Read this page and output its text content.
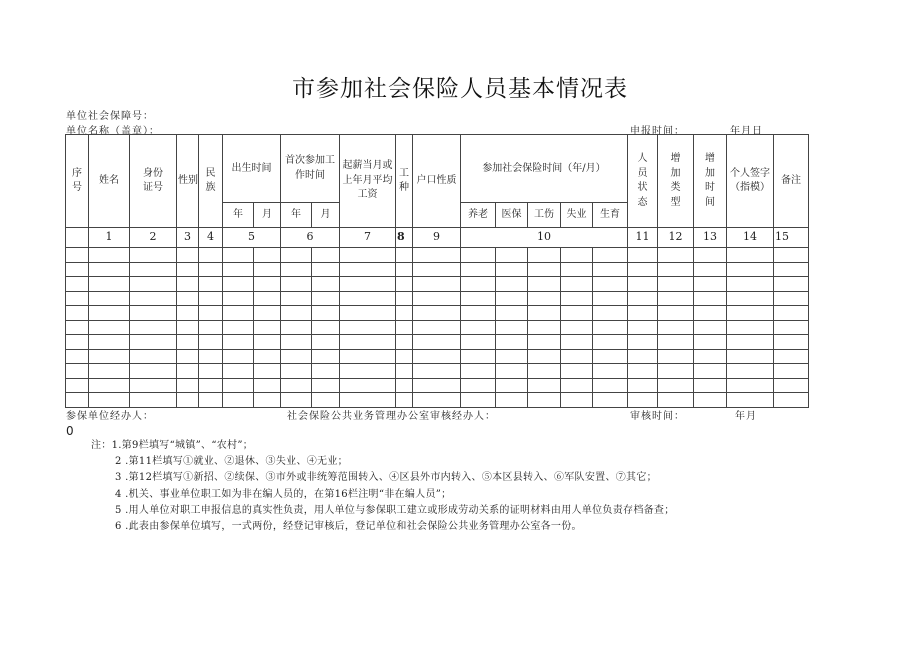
市参加社会保险人员基本情况表
单位社会保障号：
单位名称（盖章）：	申报时间：	年月日
序号	姓名	身份证号	性别	民族	出生时间		首次参加工作时间		起薪当月或上年月平均工资	工种	户口性质	参加社会保险时间（年/月）					人员状态	增加类型	增加时间	个人签字（指模）	备注
					年	月	年	月				养老	医保	工伤	失业	生育					
	1	2	3	4	5		6		7	8	9	10					11	12	13	14	15

参保单位经办人：	社会保险公共业务管理办公室审核经办人：	审核时间：	年月
0
注：1.第9栏填写“城镇”、“农村”；
2 .第11栏填写①就业、②退休、③失业、④无业；
3 .第12栏填写①新招、②续保、③市外或非统筹范围转入、④区县外市内转入、⑤本区县转入、⑥军队安置、⑦其它；
4 .机关、事业单位职工如为非在编人员的，在第16栏注明“非在编人员”；
5 .用人单位对职工申报信息的真实性负责，用人单位与参保职工建立或形成劳动关系的证明材料由用人单位负责存档备查；
6 .此表由参保单位填写，一式两份，经登记审核后，登记单位和社会保险公共业务管理办公室各一份。
